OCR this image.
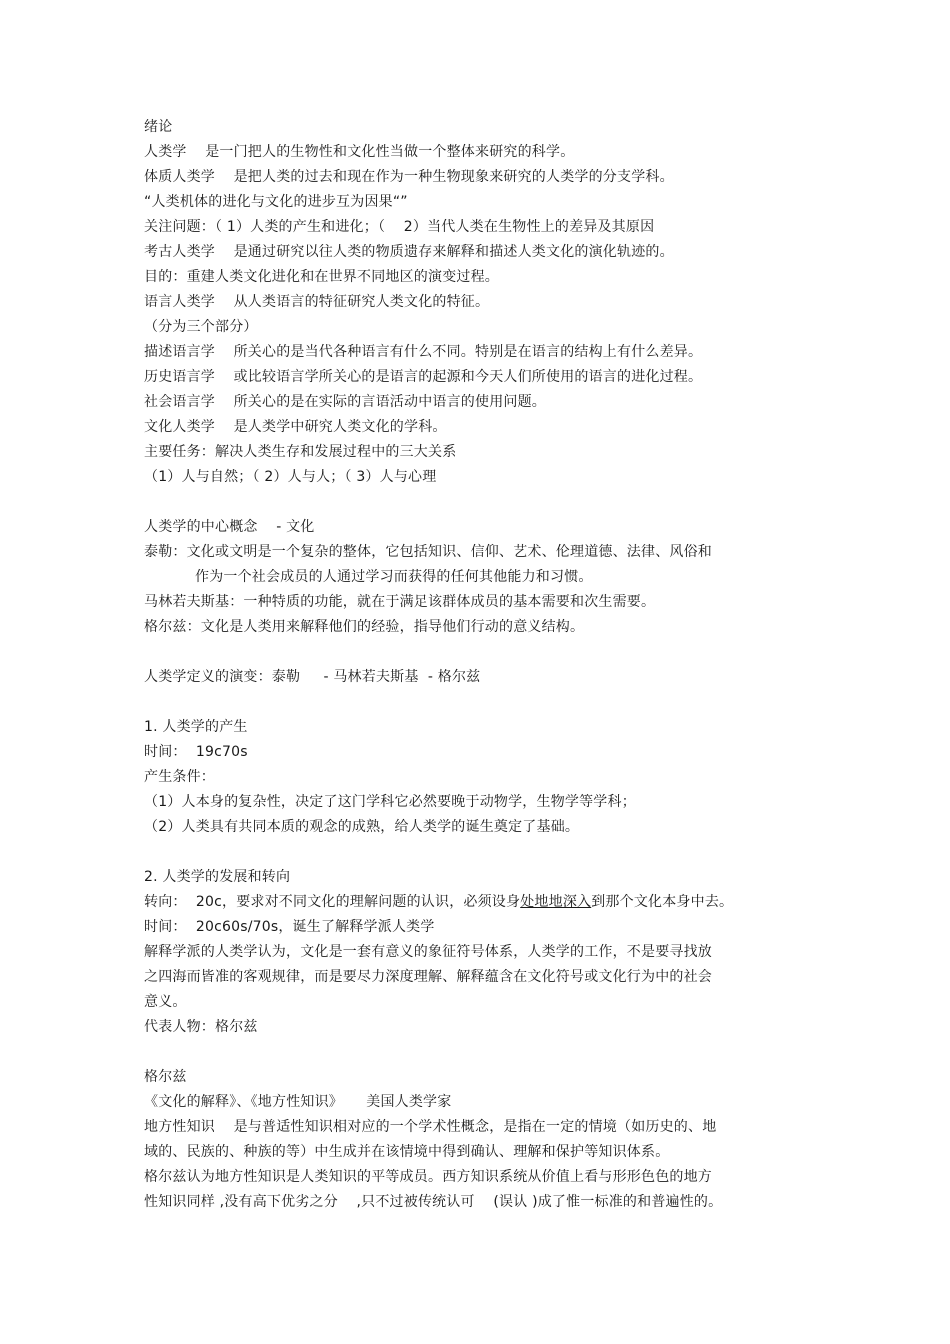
绪论
人类学    是一门把人的生物性和文化性当做一个整体来研究的科学。
体质人类学    是把人类的过去和现在作为一种生物现象来研究的人类学的分支学科。
“人类机体的进化与文化的进步互为因果“”
关注问题：（ 1）人类的产生和进化；（    2）当代人类在生物性上的差异及其原因
考古人类学    是通过研究以往人类的物质遗存来解释和描述人类文化的演化轨迹的。
目的：重建人类文化进化和在世界不同地区的演变过程。
语言人类学    从人类语言的特征研究人类文化的特征。
（分为三个部分）
描述语言学    所关心的是当代各种语言有什么不同。特别是在语言的结构上有什么差异。
历史语言学    或比较语言学所关心的是语言的起源和今天人们所使用的语言的进化过程。
社会语言学    所关心的是在实际的言语活动中语言的使用问题。
文化人类学    是人类学中研究人类文化的学科。
主要任务：解决人类生存和发展过程中的三大关系
（1）人与自然；（ 2）人与人；（ 3）人与心理
人类学的中心概念    - 文化
泰勒：文化或文明是一个复杂的整体，它包括知识、信仰、艺术、伦理道德、法律、风俗和
作为一个社会成员的人通过学习而获得的任何其他能力和习惯。
马林若夫斯基：一种特质的功能，就在于满足该群体成员的基本需要和次生需要。
格尔兹：文化是人类用来解释他们的经验，指导他们行动的意义结构。
人类学定义的演变：泰勒     - 马林若夫斯基  - 格尔兹
1. 人类学的产生
时间：  19c70s
产生条件：
（1）人本身的复杂性，决定了这门学科它必然要晚于动物学，生物学等学科；
（2）人类具有共同本质的观念的成熟，给人类学的诞生奠定了基础。
2. 人类学的发展和转向
转向：  20c，要求对不同文化的理解问题的认识，必须设身处地地深入到那个文化本身中去。
时间：  20c60s/70s，诞生了解释学派人类学
解释学派的人类学认为，文化是一套有意义的象征符号体系，人类学的工作，不是要寻找放
之四海而皆准的客观规律，而是要尽力深度理解、解释蕴含在文化符号或文化行为中的社会
意义。
代表人物：格尔兹
格尔兹
《文化的解释》、《地方性知识》     美国人类学家
地方性知识    是与普适性知识相对应的一个学术性概念，是指在一定的情境（如历史的、地
域的、民族的、种族的等）中生成并在该情境中得到确认、理解和保护等知识体系。
格尔兹认为地方性知识是人类知识的平等成员。西方知识系统从价值上看与形形色色的地方
性知识同样 ,没有高下优劣之分    ,只不过被传统认可    (误认 )成了惟一标准的和普遍性的。
